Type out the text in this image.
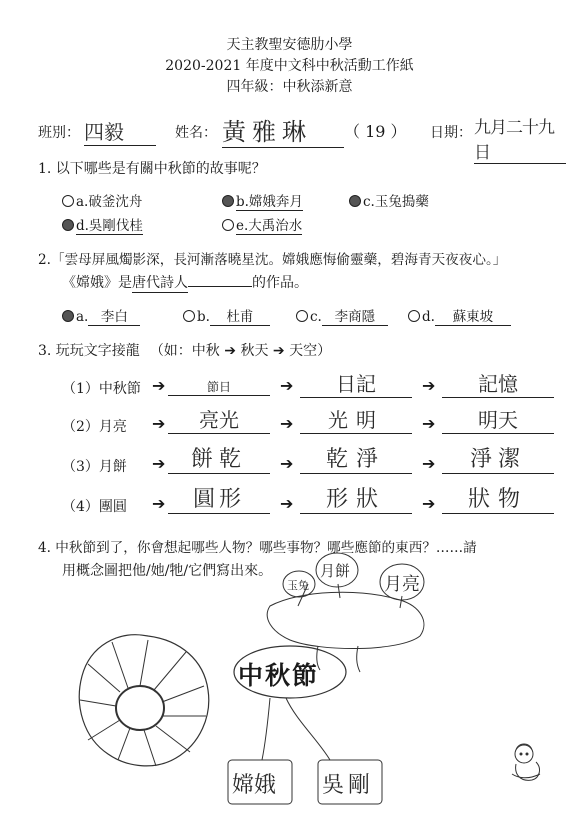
天主教聖安德肋小學
2020-2021 年度中文科中秋活動工作紙
四年級：中秋添新意
班別： 四毅	姓名： 黃雅琳	（ 19 ） 日期： 九月二十九日
1. 以下哪些是有關中秋節的故事呢？
a.破釜沈舟	b.嫦娥奔月	c.玉兔搗藥
d.吳剛伐桂	e.大禹治水
2.「雲母屏風燭影深，長河漸落曉星沈。嫦娥應悔偷靈藥，碧海青天夜夜心。」
《嫦娥》是唐代詩人	的作品。
a. 李白	b. 杜甫	c. 李商隱	d. 蘇東坡
3. 玩玩文字接龍 （如：中秋 ➔ 秋天 ➔ 天空）
（1）中秋節 ➔	節日	➔	日記	➔	記憶
（2）月亮 ➔	亮光	➔	光明	➔	明天
（3）月餅 ➔	餅乾	➔	乾淨	➔	淨潔
（4）團圓 ➔	圓形	➔	形狀	➔	狀物
4. 中秋節到了，你會想起哪些人物？哪些事物？哪些應節的東西？……請
用概念圖把他/她/牠/它們寫出來。
玉兔
月餅
月亮
中秋節
嫦娥 吳剛
